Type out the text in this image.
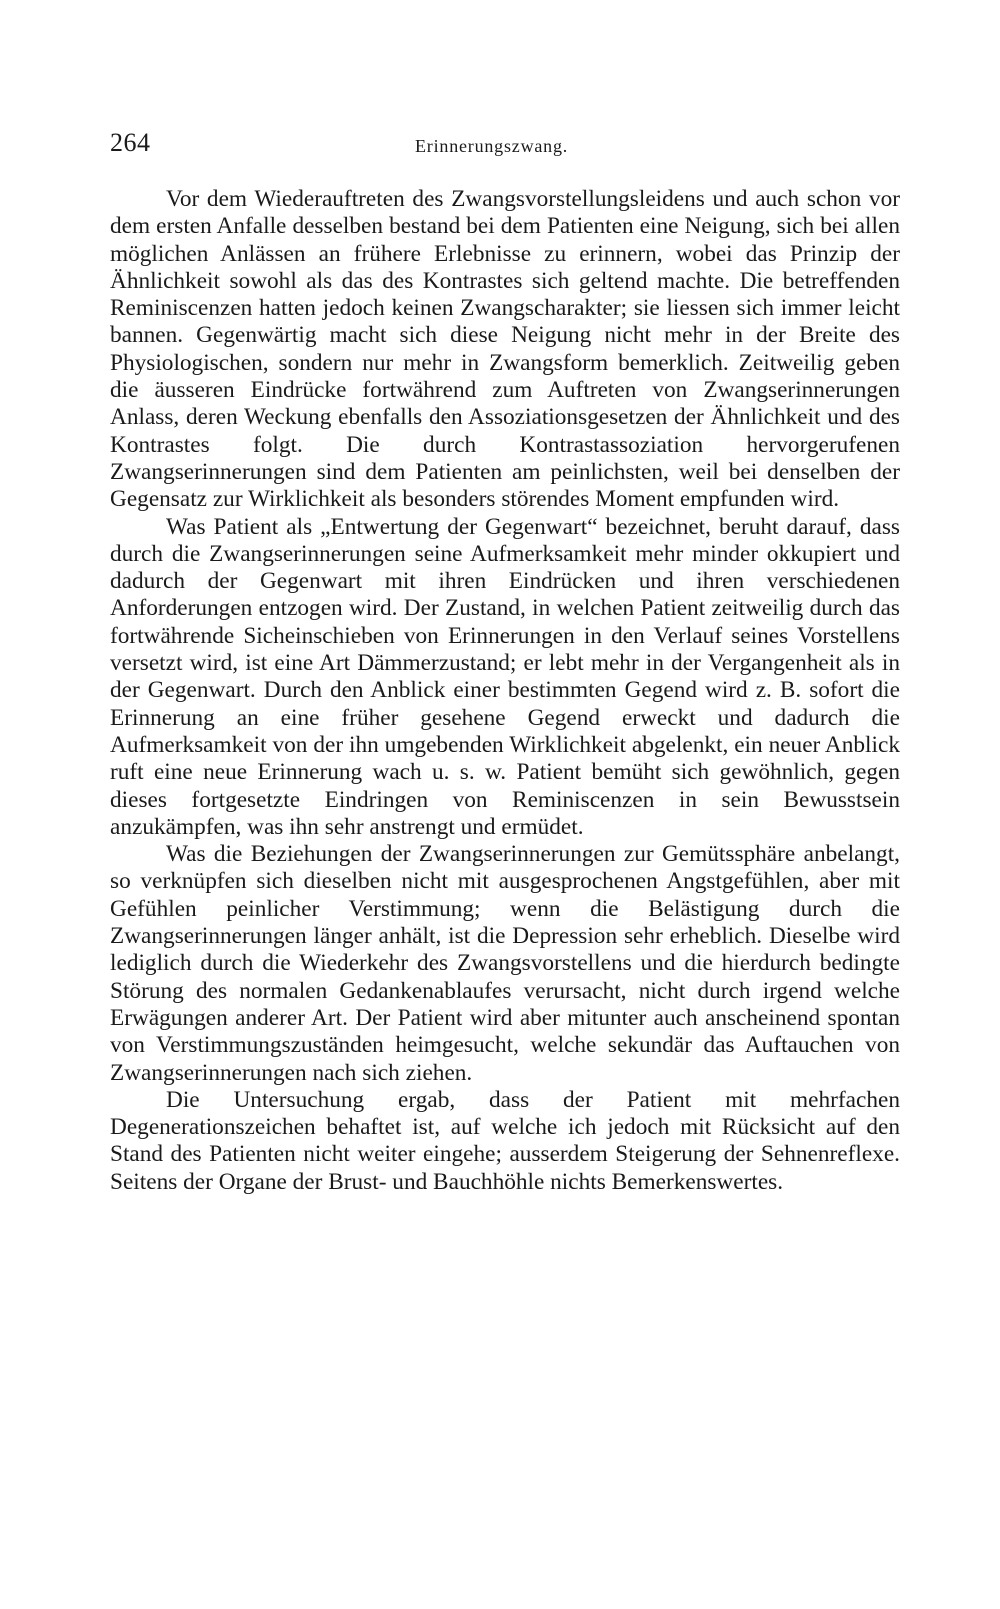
264	Erinnerungszwang.

Vor dem Wiederauftreten des Zwangsvorstellungsleidens und auch schon vor dem ersten Anfalle desselben bestand bei dem Patienten eine Neigung, sich bei allen möglichen Anlässen an frühere Erlebnisse zu erinnern, wobei das Prinzip der Ähnlichkeit sowohl als das des Kontrastes sich geltend machte. Die betreffenden Reminiscenzen hatten jedoch keinen Zwangscharakter; sie liessen sich immer leicht bannen. Gegenwärtig macht sich diese Neigung nicht mehr in der Breite des Physiologischen, sondern nur mehr in Zwangsform bemerklich. Zeitweilig geben die äusseren Eindrücke fortwährend zum Auftreten von Zwangserinnerungen Anlass, deren Weckung ebenfalls den Assoziationsgesetzen der Ähnlichkeit und des Kontrastes folgt. Die durch Kontrastassoziation hervorgerufenen Zwangserinnerungen sind dem Patienten am peinlichsten, weil bei denselben der Gegensatz zur Wirklichkeit als besonders störendes Moment empfunden wird.

Was Patient als „Entwertung der Gegenwart“ bezeichnet, beruht darauf, dass durch die Zwangserinnerungen seine Aufmerksamkeit mehr minder okkupiert und dadurch der Gegenwart mit ihren Eindrücken und ihren verschiedenen Anforderungen entzogen wird. Der Zustand, in welchen Patient zeitweilig durch das fortwährende Sicheinschieben von Erinnerungen in den Verlauf seines Vorstellens versetzt wird, ist eine Art Dämmerzustand; er lebt mehr in der Vergangenheit als in der Gegenwart. Durch den Anblick einer bestimmten Gegend wird z. B. sofort die Erinnerung an eine früher gesehene Gegend erweckt und dadurch die Aufmerksamkeit von der ihn umgebenden Wirklichkeit abgelenkt, ein neuer Anblick ruft eine neue Erinnerung wach u. s. w. Patient bemüht sich gewöhnlich, gegen dieses fortgesetzte Eindringen von Reminiscenzen in sein Bewusstsein anzukämpfen, was ihn sehr anstrengt und ermüdet.

Was die Beziehungen der Zwangserinnerungen zur Gemütssphäre anbelangt, so verknüpfen sich dieselben nicht mit ausgesprochenen Angstgefühlen, aber mit Gefühlen peinlicher Verstimmung; wenn die Belästigung durch die Zwangserinnerungen länger anhält, ist die Depression sehr erheblich. Dieselbe wird lediglich durch die Wiederkehr des Zwangsvorstellens und die hierdurch bedingte Störung des normalen Gedankenablaufes verursacht, nicht durch irgend welche Erwägungen anderer Art. Der Patient wird aber mitunter auch anscheinend spontan von Verstimmungszuständen heimgesucht, welche sekundär das Auftauchen von Zwangserinnerungen nach sich ziehen.

Die Untersuchung ergab, dass der Patient mit mehrfachen Degenerationszeichen behaftet ist, auf welche ich jedoch mit Rücksicht auf den Stand des Patienten nicht weiter eingehe; ausserdem Steigerung der Sehnenreflexe. Seitens der Organe der Brust- und Bauchhöhle nichts Bemerkenswertes.
